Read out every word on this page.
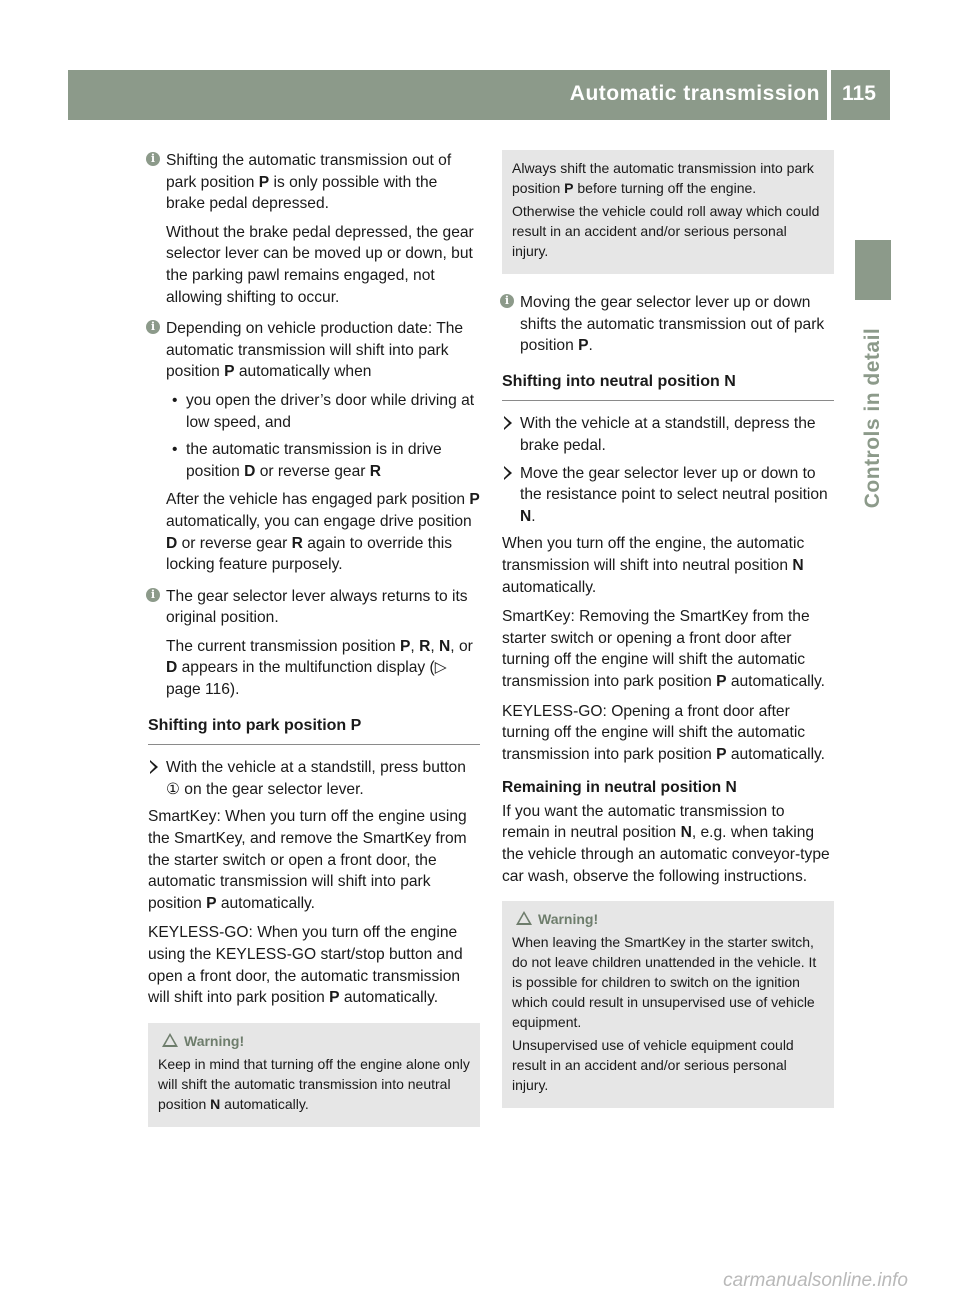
Automatic transmission 115
Controls in detail
i Shifting the automatic transmission out of park position P is only possible with the brake pedal depressed.

Without the brake pedal depressed, the gear selector lever can be moved up or down, but the parking pawl remains engaged, not allowing shifting to occur.

i Depending on vehicle production date: The automatic transmission will shift into park position P automatically when

• you open the driver’s door while driving at low speed, and
• the automatic transmission is in drive position D or reverse gear R

After the vehicle has engaged park position P automatically, you can engage drive position D or reverse gear R again to override this locking feature purposely.

i The gear selector lever always returns to its original position.

The current transmission position P, R, N, or D appears in the multifunction display (▷ page 116).

Shifting into park position P
With the vehicle at a standstill, press button ① on the gear selector lever.

SmartKey: When you turn off the engine using the SmartKey, and remove the SmartKey from the starter switch or open a front door, the automatic transmission will shift into park position P automatically.

KEYLESS-GO: When you turn off the engine using the KEYLESS-GO start/stop button and open a front door, the automatic transmission will shift into park position P automatically.

Warning!

Keep in mind that turning off the engine alone only will shift the automatic transmission into neutral position N automatically.

Always shift the automatic transmission into park position P before turning off the engine.

Otherwise the vehicle could roll away which could result in an accident and/or serious personal injury.

i Moving the gear selector lever up or down shifts the automatic transmission out of park position P.

Shifting into neutral position N
With the vehicle at a standstill, depress the brake pedal.
Move the gear selector lever up or down to the resistance point to select neutral position N.

When you turn off the engine, the automatic transmission will shift into neutral position N automatically.

SmartKey: Removing the SmartKey from the starter switch or opening a front door after turning off the engine will shift the automatic transmission into park position P automatically.

KEYLESS-GO: Opening a front door after turning off the engine will shift the automatic transmission into park position P automatically.

Remaining in neutral position N

If you want the automatic transmission to remain in neutral position N, e.g. when taking the vehicle through an automatic conveyor-type car wash, observe the following instructions.

Warning!

When leaving the SmartKey in the starter switch, do not leave children unattended in the vehicle. It is possible for children to switch on the ignition which could result in unsupervised use of vehicle equipment.

Unsupervised use of vehicle equipment could result in an accident and/or serious personal injury.

carmanualsonline.info
